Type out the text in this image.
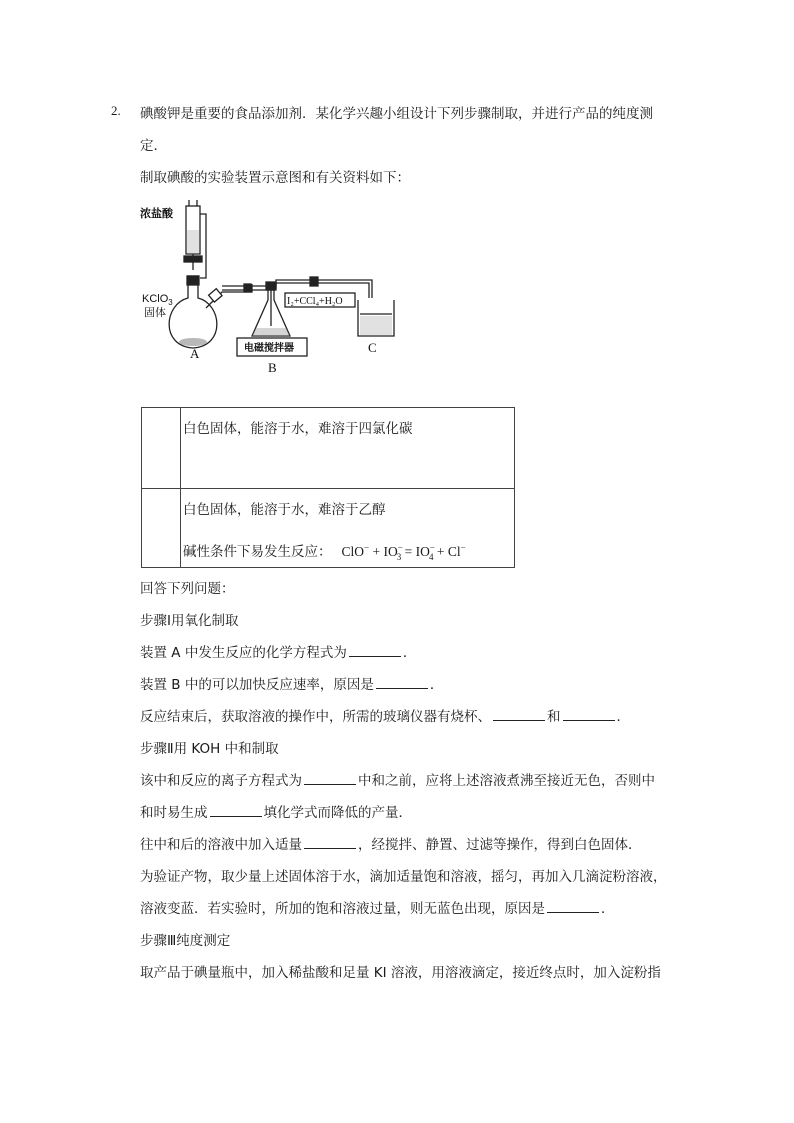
2. 碘酸钾是重要的食品添加剂．某化学兴趣小组设计下列步骤制取，并进行产品的纯度测
定．
制取碘酸的实验装置示意图和有关资料如下：
浓盐酸
KClO$_3$
固体
I₂+CCl₄+H₂O
电磁搅拌器
A
B
C

	白色固体，能溶于水，难溶于四氯化碳

	白色固体，能溶于水，难溶于乙醇
碱性条件下易发生反应： $ClO^- + IO^-_3 = IO^-_4 + Cl^-$
回答下列问题：
步骤Ⅰ用氧化制取
装置 A 中发生反应的化学方程式为	．
装置 B 中的可以加快反应速率，原因是	．
反应结束后，获取溶液的操作中，所需的玻璃仪器有烧杯、	和	．
步骤Ⅱ用 KOH 中和制取
该中和反应的离子方程式为	中和之前，应将上述溶液煮沸至接近无色，否则中
和时易生成	填化学式而降低的产量．
往中和后的溶液中加入适量	，经搅拌、静置、过滤等操作，得到白色固体．
为验证产物，取少量上述固体溶于水，滴加适量饱和溶液，摇匀，再加入几滴淀粉溶液，
溶液变蓝．若实验时，所加的饱和溶液过量，则无蓝色出现，原因是	．
步骤Ⅲ纯度测定
取产品于碘量瓶中，加入稀盐酸和足量 KI 溶液，用溶液滴定，接近终点时，加入淀粉指
